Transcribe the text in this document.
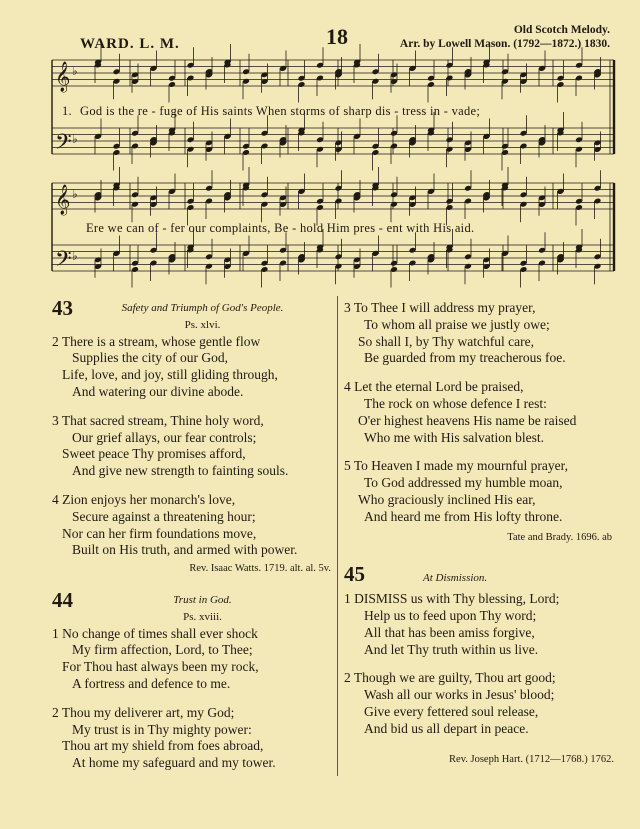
18
WARD. L. M.
Old Scotch Melody.
Arr. by Lowell Mason. (1792—1872.) 1830.
𝄞 ♭
𝄢 ♭
𝄞 ♭
𝄢 ♭
1. God is the re - fuge of His saints When storms of sharp dis - tress in - vade;
Ere we can of - fer our complaints, Be - hold Him pres - ent with His aid.
43	Safety and Triumph of God's People.
Ps. xlvi.
2 There is a stream, whose gentle flow
Supplies the city of our God,
Life, love, and joy, still gliding through,
And watering our divine abode.
3 That sacred stream, Thine holy word,
Our grief allays, our fear controls;
Sweet peace Thy promises afford,
And give new strength to fainting souls.
4 Zion enjoys her monarch's love,
Secure against a threatening hour;
Nor can her firm foundations move,
Built on His truth, and armed with power.
Rev. Isaac Watts. 1719. alt. al. 5v.
44	Trust in God.
Ps. xviii.
1 No change of times shall ever shock
My firm affection, Lord, to Thee;
For Thou hast always been my rock,
A fortress and defence to me.
2 Thou my deliverer art, my God;
My trust is in Thy mighty power:
Thou art my shield from foes abroad,
At home my safeguard and my tower.
3 To Thee I will address my prayer,
To whom all praise we justly owe;
So shall I, by Thy watchful care,
Be guarded from my treacherous foe.
4 Let the eternal Lord be praised,
The rock on whose defence I rest:
O'er highest heavens His name be raised
Who me with His salvation blest.
5 To Heaven I made my mournful prayer,
To God addressed my humble moan,
Who graciously inclined His ear,
And heard me from His lofty throne.
Tate and Brady. 1696. ab
45	At Dismission.
1 DISMISS us with Thy blessing, Lord;
Help us to feed upon Thy word;
All that has been amiss forgive,
And let Thy truth within us live.
2 Though we are guilty, Thou art good;
Wash all our works in Jesus' blood;
Give every fettered soul release,
And bid us all depart in peace.
Rev. Joseph Hart. (1712—1768.) 1762.
